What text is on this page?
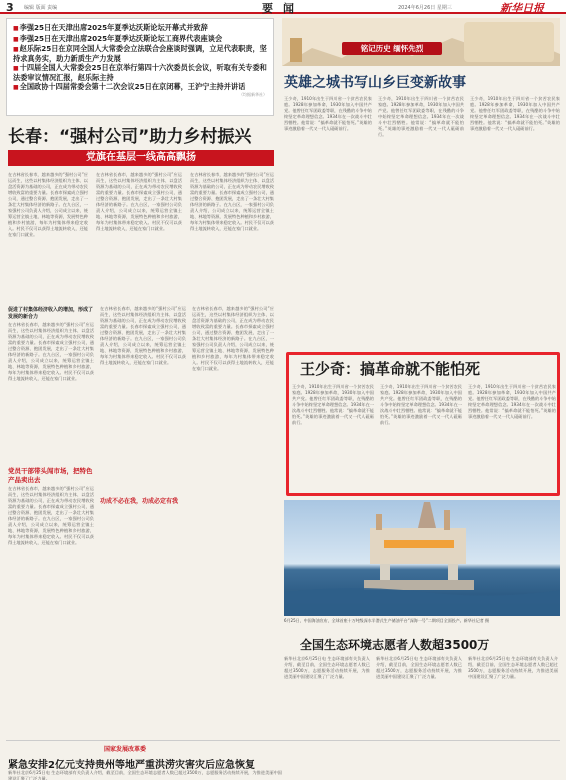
3 编辑 版面 责编	要闻	2024年6月26日 星期三	新华日报
■ 李强25日在天津出席2025年夏季达沃斯论坛开幕式并致辞
■ 李强25日在天津出席2025年夏季达沃斯论坛工商界代表座谈会
■ 赵乐际25日在京同全国人大常委会立法联合会座谈时强调，立足代表职责，坚持求真务实，助力新质生产力发展
■ 十四届全国人大常委会25日在京举行第四十六次委员长会议，听取有关专委和法委审议情况汇报，赵乐际主持
■ 全国政协十四届常委会第十二次会议25日在京闭幕，王沪宁主持并讲话
（均据新华社）
长春：“强村公司”助力乡村振兴
党旗在基层一线高高飘扬
在吉林省长春市，越来越多的“强村公司”应运而生，这些以村集体经济组织为主体、以盘活资源为基础的公司，正在成为带动农民增收致富的重要力量。长春市探索成立强村公司，通过整合资源、抱团发展，走出了一条壮大村集体经济的新路子。在九台区，一家强村公司负责人介绍，公司成立以来，统筹运营全镇土地、林地等资源，发展特色种植和乡村旅游，每年为村集体带来稳定收入。村民不仅可以获得土地流转收入，还能在家门口就业。
在吉林省长春市，越来越多的“强村公司”应运而生，这些以村集体经济组织为主体、以盘活资源为基础的公司，正在成为带动农民增收致富的重要力量。长春市探索成立强村公司，通过整合资源、抱团发展，走出了一条壮大村集体经济的新路子。在九台区，一家强村公司负责人介绍，公司成立以来，统筹运营全镇土地、林地等资源，发展特色种植和乡村旅游，每年为村集体带来稳定收入。村民不仅可以获得土地流转收入，还能在家门口就业。
在吉林省长春市，越来越多的“强村公司”应运而生，这些以村集体经济组织为主体、以盘活资源为基础的公司，正在成为带动农民增收致富的重要力量。长春市探索成立强村公司，通过整合资源、抱团发展，走出了一条壮大村集体经济的新路子。在九台区，一家强村公司负责人介绍，公司成立以来，统筹运营全镇土地、林地等资源，发展特色种植和乡村旅游，每年为村集体带来稳定收入。村民不仅可以获得土地流转收入，还能在家门口就业。
促进了村集体经济收入的增加，形成了发展的新合力
在吉林省长春市，越来越多的“强村公司”应运而生，这些以村集体经济组织为主体、以盘活资源为基础的公司，正在成为带动农民增收致富的重要力量。长春市探索成立强村公司，通过整合资源、抱团发展，走出了一条壮大村集体经济的新路子。在九台区，一家强村公司负责人介绍，公司成立以来，统筹运营全镇土地、林地等资源，发展特色种植和乡村旅游，每年为村集体带来稳定收入。村民不仅可以获得土地流转收入，还能在家门口就业。
党员干部带头闯市场，把特色产品卖出去
在吉林省长春市，越来越多的“强村公司”应运而生，这些以村集体经济组织为主体、以盘活资源为基础的公司，正在成为带动农民增收致富的重要力量。长春市探索成立强村公司，通过整合资源、抱团发展，走出了一条壮大村集体经济的新路子。在九台区，一家强村公司负责人介绍，公司成立以来，统筹运营全镇土地、林地等资源，发展特色种植和乡村旅游，每年为村集体带来稳定收入。村民不仅可以获得土地流转收入，还能在家门口就业。
在吉林省长春市，越来越多的“强村公司”应运而生，这些以村集体经济组织为主体、以盘活资源为基础的公司，正在成为带动农民增收致富的重要力量。长春市探索成立强村公司，通过整合资源、抱团发展，走出了一条壮大村集体经济的新路子。在九台区，一家强村公司负责人介绍，公司成立以来，统筹运营全镇土地、林地等资源，发展特色种植和乡村旅游，每年为村集体带来稳定收入。村民不仅可以获得土地流转收入，还能在家门口就业。
功成不必在我，功成必定有我
在吉林省长春市，越来越多的“强村公司”应运而生，这些以村集体经济组织为主体、以盘活资源为基础的公司，正在成为带动农民增收致富的重要力量。长春市探索成立强村公司，通过整合资源、抱团发展，走出了一条壮大村集体经济的新路子。在九台区，一家强村公司负责人介绍，公司成立以来，统筹运营全镇土地、林地等资源，发展特色种植和乡村旅游，每年为村集体带来稳定收入。村民不仅可以获得土地流转收入，还能在家门口就业。
铭记历史 缅怀先烈
英雄之城书写山乡巨变新故事
王少奇，1910年出生于四川省一个贫苦农民家庭。1928年参加革命，1930年加入中国共产党。他曾任红军团政委等职，在残酷的斗争中始终坚定革命理想信念。1934年在一次战斗中壮烈牺牲。他常说：“搞革命就不能怕死。”英雄的事迹激励着一代又一代人砥砺前行。
王少奇，1910年出生于四川省一个贫苦农民家庭。1928年参加革命，1930年加入中国共产党。他曾任红军团政委等职，在残酷的斗争中始终坚定革命理想信念。1934年在一次战斗中壮烈牺牲。他常说：“搞革命就不能怕死。”英雄的事迹激励着一代又一代人砥砺前行。
王少奇，1910年出生于四川省一个贫苦农民家庭。1928年参加革命，1930年加入中国共产党。他曾任红军团政委等职，在残酷的斗争中始终坚定革命理想信念。1934年在一次战斗中壮烈牺牲。他常说：“搞革命就不能怕死。”英雄的事迹激励着一代又一代人砥砺前行。
王少奇：搞革命就不能怕死
王少奇，1910年出生于四川省一个贫苦农民家庭。1928年参加革命，1930年加入中国共产党。他曾任红军团政委等职，在残酷的斗争中始终坚定革命理想信念。1934年在一次战斗中壮烈牺牲。他常说：“搞革命就不能怕死。”英雄的事迹激励着一代又一代人砥砺前行。
王少奇，1910年出生于四川省一个贫苦农民家庭。1928年参加革命，1930年加入中国共产党。他曾任红军团政委等职，在残酷的斗争中始终坚定革命理想信念。1934年在一次战斗中壮烈牺牲。他常说：“搞革命就不能怕死。”英雄的事迹激励着一代又一代人砥砺前行。
王少奇，1910年出生于四川省一个贫苦农民家庭。1928年参加革命，1930年加入中国共产党。他曾任红军团政委等职，在残酷的斗争中始终坚定革命理想信念。1934年在一次战斗中壮烈牺牲。他常说：“搞革命就不能怕死。”英雄的事迹激励着一代又一代人砥砺前行。
6月25日，中国海油宣布，全球首座十万吨级深水半潜式生产储油平台“深海一号”二期项目全面投产。新华社记者 摄
全国生态环境志愿者人数超3500万
新华社北京6月25日电 生态环境部有关负责人介绍，截至目前，全国生态环境志愿者人数已超过3500万，志愿服务活动持续开展，为推进美丽中国建设汇聚了广泛力量。
新华社北京6月25日电 生态环境部有关负责人介绍，截至目前，全国生态环境志愿者人数已超过3500万，志愿服务活动持续开展，为推进美丽中国建设汇聚了广泛力量。
新华社北京6月25日电 生态环境部有关负责人介绍，截至目前，全国生态环境志愿者人数已超过3500万，志愿服务活动持续开展，为推进美丽中国建设汇聚了广泛力量。
国家发展改革委
紧急安排2亿元支持贵州等地严重洪涝灾害灾后应急恢复
新华社北京6月25日电 生态环境部有关负责人介绍，截至目前，全国生态环境志愿者人数已超过3500万，志愿服务活动持续开展，为推进美丽中国建设汇聚了广泛力量。
